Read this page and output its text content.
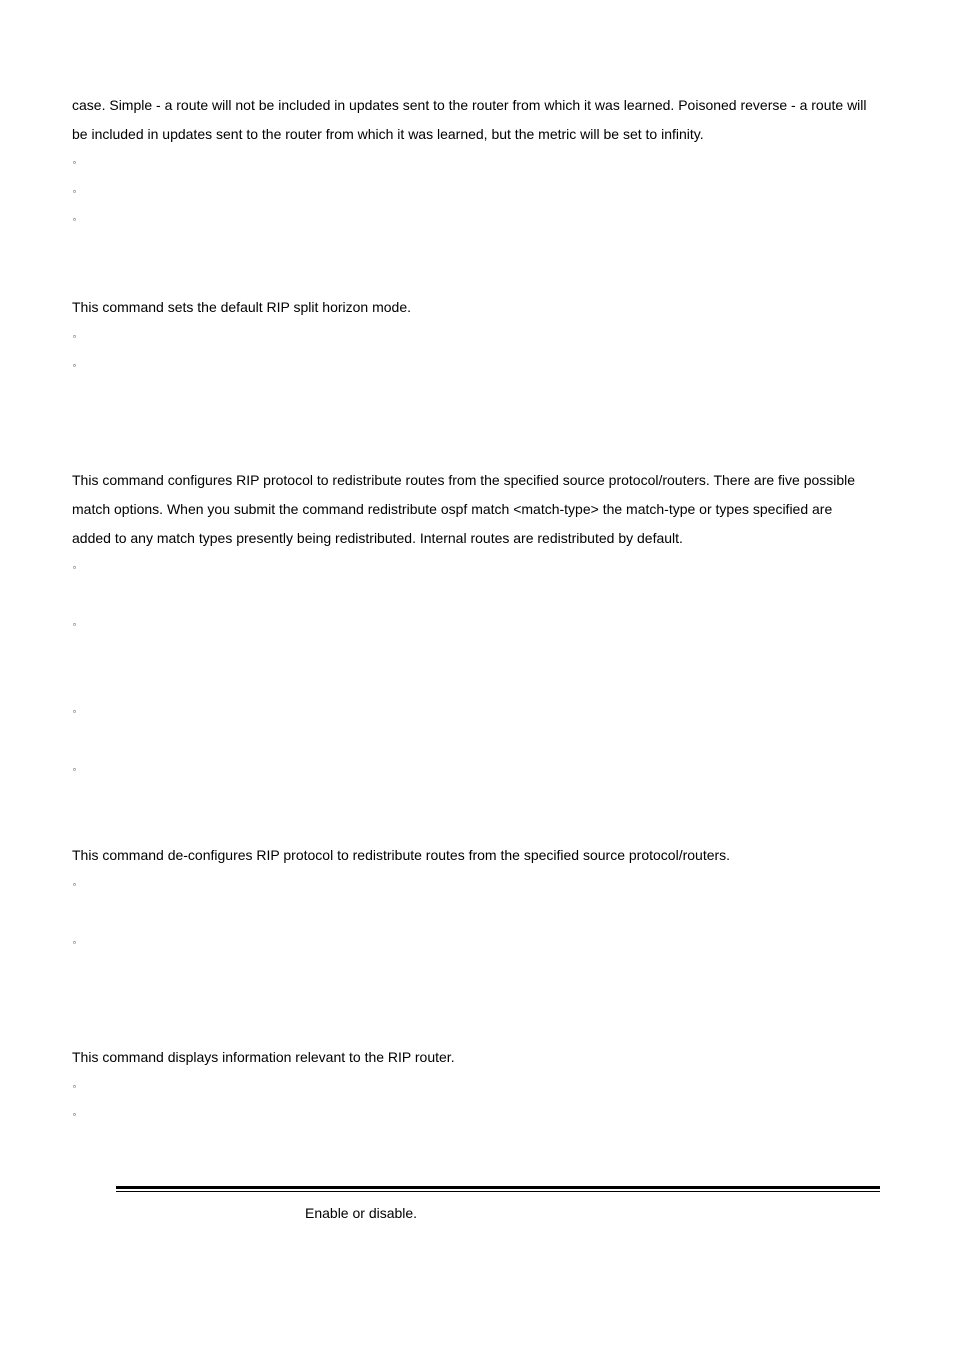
case. Simple - a route will not be included in updates sent to the router from which it was learned. Poisoned reverse - a route will
be included in updates sent to the router from which it was learned, but the metric will be set to infinity.
▫
▫
▫
This command sets the default RIP split horizon mode.
▫
▫
This command configures RIP protocol to redistribute routes from the specified source protocol/routers. There are five possible
match options. When you submit the command redistribute ospf match <match-type> the match-type or types specified are
added to any match types presently being redistributed. Internal routes are redistributed by default.
▫
▫
▫
▫
This command de-configures RIP protocol to redistribute routes from the specified source protocol/routers.
▫
▫
This command displays information relevant to the RIP router.
▫
▫
Enable or disable.
